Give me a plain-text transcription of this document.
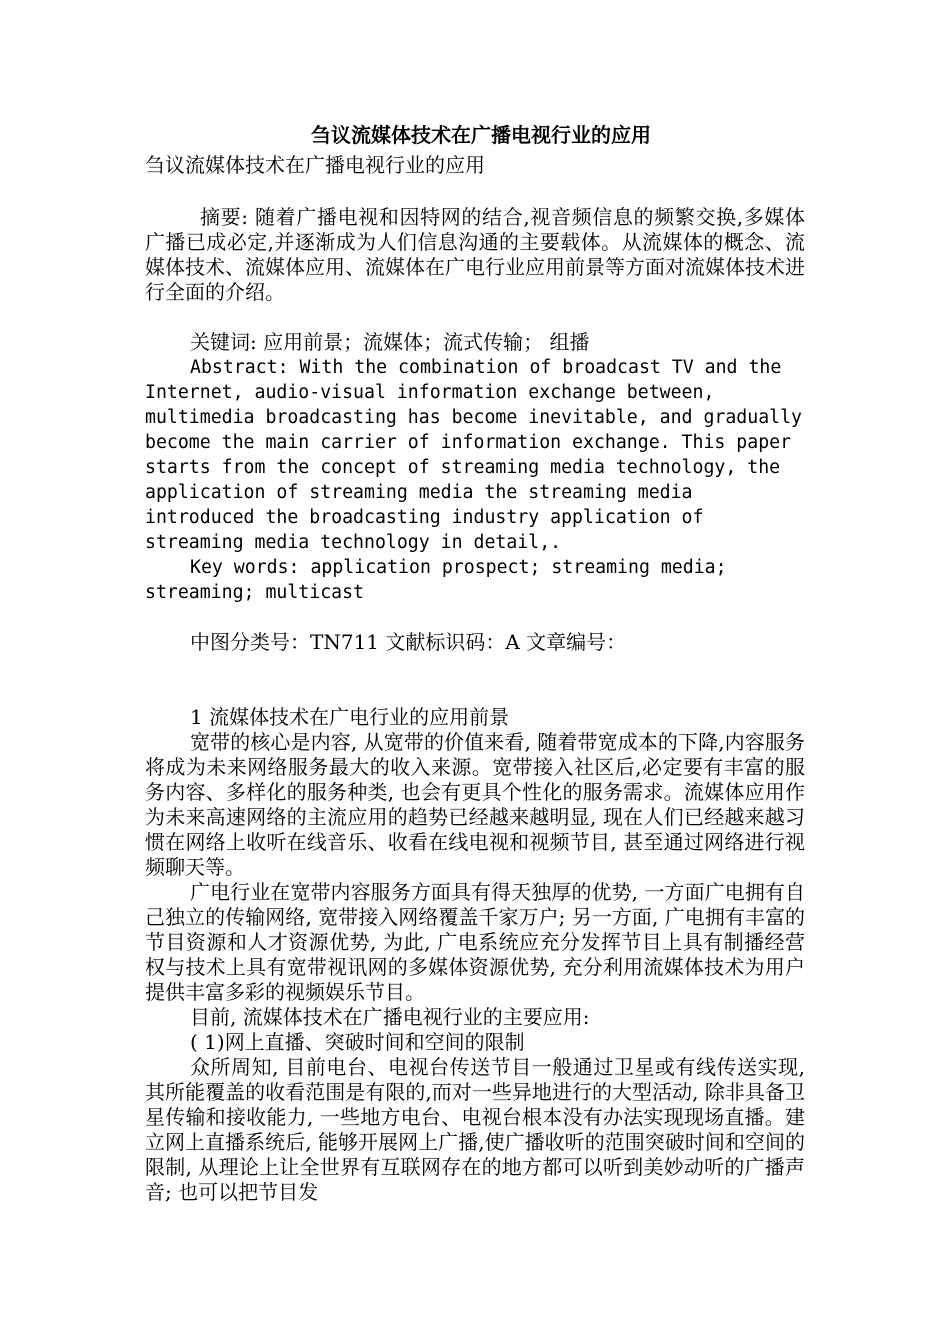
刍议流媒体技术在广播电视行业的应用

刍议流媒体技术在广播电视行业的应用

摘要: 随着广播电视和因特网的结合,视音频信息的频繁交换,多媒体广播已成必定,并逐渐成为人们信息沟通的主要载体。从流媒体的概念、流媒体技术、流媒体应用、流媒体在广电行业应用前景等方面对流媒体技术进行全面的介绍。

关键词: 应用前景；流媒体；流式传输； 组播

Abstract: With the combination of broadcast TV and the Internet, audio-visual information exchange between, multimedia broadcasting has become inevitable, and gradually become the main carrier of information exchange. This paper starts from the concept of streaming media technology, the application of streaming media the streaming media introduced the broadcasting industry application of streaming media technology in detail,.

Key words: application prospect; streaming media; streaming; multicast

中图分类号：TN711 文献标识码：A 文章编号：

1 流媒体技术在广电行业的应用前景

宽带的核心是内容, 从宽带的价值来看, 随着带宽成本的下降,内容服务将成为未来网络服务最大的收入来源。宽带接入社区后,必定要有丰富的服务内容、多样化的服务种类, 也会有更具个性化的服务需求。流媒体应用作为未来高速网络的主流应用的趋势已经越来越明显, 现在人们已经越来越习惯在网络上收听在线音乐、收看在线电视和视频节目, 甚至通过网络进行视频聊天等。

广电行业在宽带内容服务方面具有得天独厚的优势, 一方面广电拥有自己独立的传输网络, 宽带接入网络覆盖千家万户; 另一方面, 广电拥有丰富的节目资源和人才资源优势, 为此, 广电系统应充分发挥节目上具有制播经营权与技术上具有宽带视讯网的多媒体资源优势, 充分利用流媒体技术为用户提供丰富多彩的视频娱乐节目。

目前, 流媒体技术在广播电视行业的主要应用:

( 1)网上直播、突破时间和空间的限制

众所周知, 目前电台、电视台传送节目一般通过卫星或有线传送实现, 其所能覆盖的收看范围是有限的,而对一些异地进行的大型活动, 除非具备卫星传输和接收能力, 一些地方电台、电视台根本没有办法实现现场直播。建立网上直播系统后, 能够开展网上广播,使广播收听的范围突破时间和空间的限制, 从理论上让全世界有互联网存在的地方都可以听到美妙动听的广播声音; 也可以把节目发
